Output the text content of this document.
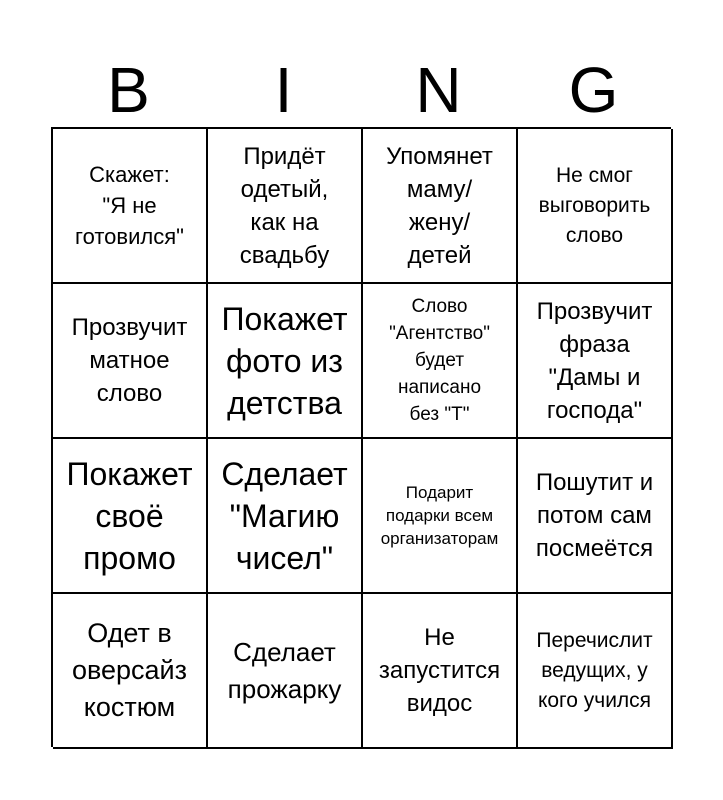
B	I	N	G
Скажет:
"Я не
готовился"
Придёт
одетый,
как на
свадьбу
Упомянет
маму/
жену/
детей
Не смог
выговорить
слово
Прозвучит
матное
слово
Покажет
фото из
детства
Слово
"Агентство"
будет
написано
без "Т"
Прозвучит
фраза
"Дамы и
господа"
Покажет
своё
промо
Сделает
"Магию
чисел"
Подарит
подарки всем
организаторам
Пошутит и
потом сам
посмеётся
Одет в
оверсайз
костюм
Сделает
прожарку
Не
запустится
видос
Перечислит
ведущих, у
кого учился
